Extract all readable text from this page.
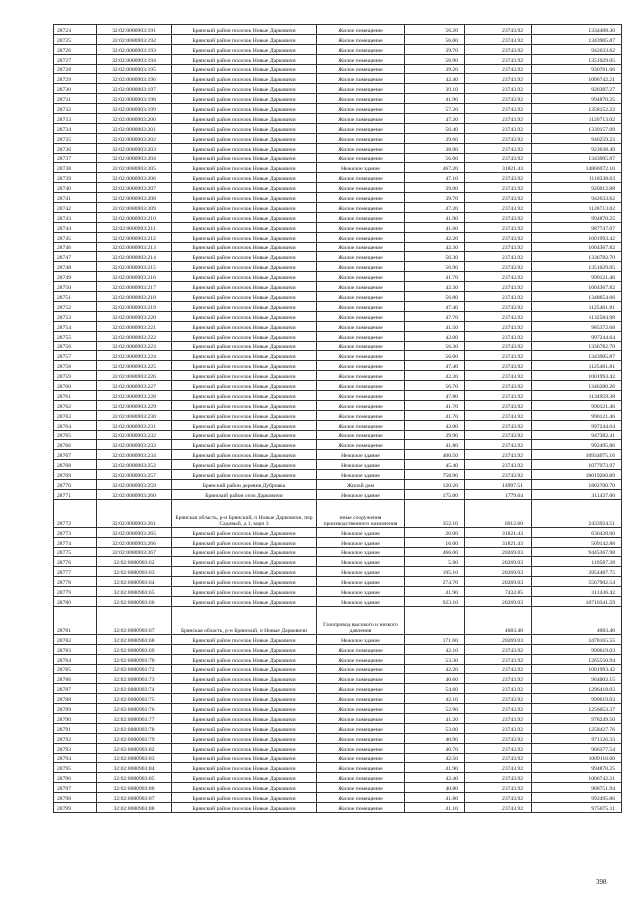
28724	32:02:0080903:191	Брянский район поселок Новые Дарковичи	Жилое помещение	56.20	23743.92	1334408.30
28725	32:02:0080903:192	Брянский район поселок Новые Дарковичи	Жилое помещение	56.60	23743.92	1343905.87
28726	32:02:0080903:193	Брянский район поселок Новые Дарковичи	Жилое помещение	39.70	23743.92	942633.62
28727	32:02:0080903:194	Брянский район поселок Новые Дарковичи	Жилое помещение	56.90	23743.92	1351029.05
28728	32:02:0080903:195	Брянский район поселок Новые Дарковичи	Жилое помещение	39.20	23743.92	930761.66
28729	32:02:0080903:196	Брянский район поселок Новые Дарковичи	Жилое помещение	42.40	23743.92	1006742.21
28730	32:02:0080903:197	Брянский район поселок Новые Дарковичи	Жилое помещение	39.10	23743.92	928387.27
28731	32:02:0080903:198	Брянский район поселок Новые Дарковичи	Жилое помещение	41.90	23743.92	994870.25
28732	32:02:0080903:199	Брянский район поселок Новые Дарковичи	Жилое помещение	57.20	23743.92	1358152.22
28733	32:02:0080903:200	Брянский район поселок Новые Дарковичи	Жилое помещение	47.20	23743.92	1120713.02
28734	32:02:0080903:201	Брянский район поселок Новые Дарковичи	Жилое помещение	56.40	23743.92	1339157.09
28735	32:02:0080903:202	Брянский район поселок Новые Дарковичи	Жилое помещение	39.60	23743.92	940259.23
28736	32:02:0080903:203	Брянский район поселок Новые Дарковичи	Жилое помещение	38.90	23743.92	923638.49
28737	32:02:0080903:204	Брянский район поселок Новые Дарковичи	Жилое помещение	56.60	23743.92	1343905.87
28738	32:02:0080903:205	Брянский район поселок Новые Дарковичи	Нежилое здание	467.20	31821.43	14866972.10
28739	32:02:0080903:206	Брянский район поселок Новые Дарковичи	Жилое помещение	47.10	23743.92	1118338.63
28740	32:02:0080903:207	Брянский район поселок Новые Дарковичи	Жилое помещение	39.00	23743.92	926012.88
28741	32:02:0080903:208	Брянский район поселок Новые Дарковичи	Жилое помещение	39.70	23743.92	942633.62
28742	32:02:0080903:209	Брянский район поселок Новые Дарковичи	Жилое помещение	47.20	23743.92	1120713.02
28743	32:02:0080903:210	Брянский район поселок Новые Дарковичи	Жилое помещение	41.90	23743.92	994870.25
28744	32:02:0080903:211	Брянский район поселок Новые Дарковичи	Жилое помещение	41.60	23743.92	987747.07
28745	32:02:0080903:212	Брянский район поселок Новые Дарковичи	Жилое помещение	42.20	23743.92	1001993.42
28746	32:02:0080903:213	Брянский район поселок Новые Дарковичи	Жилое помещение	42.30	23743.92	1004367.82
28747	32:02:0080903:214	Брянский район поселок Новые Дарковичи	Жилое помещение	56.30	23743.92	1336782.70
28748	32:02:0080903:215	Брянский район поселок Новые Дарковичи	Жилое помещение	56.90	23743.92	1351029.05
28749	32:02:0080903:216	Брянский район поселок Новые Дарковичи	Жилое помещение	41.70	23743.92	990121.46
28750	32:02:0080903:217	Брянский район поселок Новые Дарковичи	Жилое помещение	42.30	23743.92	1004367.82
28751	32:02:0080903:218	Брянский район поселок Новые Дарковичи	Жилое помещение	56.80	23743.92	1348654.66
28752	32:02:0080903:219	Брянский район поселок Новые Дарковичи	Жилое помещение	47.40	23743.92	1125461.81
28753	32:02:0080903:220	Брянский район поселок Новые Дарковичи	Жилое помещение	47.70	23743.92	1132584.98
28754	32:02:0080903:221	Брянский район поселок Новые Дарковичи	Жилое помещение	41.50	23743.92	985372.68
28755	32:02:0080903:222	Брянский район поселок Новые Дарковичи	Жилое помещение	42.00	23743.92	997244.64
28756	32:02:0080903:223	Брянский район поселок Новые Дарковичи	Жилое помещение	56.30	23743.92	1336782.70
28757	32:02:0080903:224	Брянский район поселок Новые Дарковичи	Жилое помещение	56.60	23743.92	1343905.87
28758	32:02:0080903:225	Брянский район поселок Новые Дарковичи	Жилое помещение	47.40	23743.92	1125461.81
28759	32:02:0080903:226	Брянский район поселок Новые Дарковичи	Жилое помещение	42.20	23743.92	1001993.42
28760	32:02:0080903:227	Брянский район поселок Новые Дарковичи	Жилое помещение	56.70	23743.92	1346280.26
28761	32:02:0080903:228	Брянский район поселок Новые Дарковичи	Жилое помещение	47.80	23743.92	1134959.38
28762	32:02:0080903:229	Брянский район поселок Новые Дарковичи	Жилое помещение	41.70	23743.92	990121.46
28763	32:02:0080903:230	Брянский район поселок Новые Дарковичи	Жилое помещение	41.70	23743.92	990121.46
28764	32:02:0080903:231	Брянский район поселок Новые Дарковичи	Жилое помещение	42.00	23743.92	997244.64
28765	32:02:0080903:232	Брянский район поселок Новые Дарковичи	Жилое помещение	39.90	23743.92	947382.41
28766	32:02:0080903:233	Брянский район поселок Новые Дарковичи	Жилое помещение	41.80	23743.92	992495.86
28767	32:02:0080903:234	Брянский район поселок Новые Дарковичи	Нежилое здание	460.50	23743.92	10934075.16
28768	32:02:0080903:252	Брянский район поселок Новые Дарковичи	Нежилое здание	45.40	23743.92	1077973.97
28769	32:02:0080903:257	Брянский район поселок Новые Дарковичи	Нежилое здание	758.90	23743.92	18019260.89
28770	32:02:0080903:259	Брянский район деревня Дубровка	Жилой дом	120.20	14997.51	1802700.70
28771	32:02:0080903:260	Брянский район село Дарковичи	Нежилое здание	175.00	1779.64	311437.00
28772	32:02:0080903:261	Брянская область, р-н Брянский, п Новые Дарковичи, пер Садовый, д 1, корп 3	иные сооружения производственного назначения	352.10	6912.60	2433924.51
28773	32:02:0080903:265	Брянский район поселок Новые Дарковичи	Нежилое здание	20.00	31821.43	636428.60
28774	32:02:0080903:266	Брянский район поселок Новые Дарковичи	Нежилое здание	16.00	31821.43	509142.88
28775	32:02:0080903:267	Брянский район поселок Новые Дарковичи	Нежилое здание	466.00	20269.03	9445367.98
28776	32:02:0080903:62	Брянский район поселок Новые Дарковичи	Нежилое здание	5.90	20269.03	119587.28
28777	32:02:0080903:63	Брянский район поселок Новые Дарковичи	Нежилое здание	195.10	20269.03	3954487.75
28778	32:02:0080903:64	Брянский район поселок Новые Дарковичи	Нежилое здание	274.70	20269.03	5567902.54
28779	32:02:0080903:65	Брянский район поселок Новые Дарковичи	Нежилое здание	41.90	7432.85	311436.42
28780	32:02:0080903:66	Брянский район поселок Новые Дарковичи	Нежилое здание	923.10	20269.03	18710341.59
28781	32:02:0080903:67	Брянская область, р-н Брянский, п Новые Дарковичи	Газопровод высокого и низкого давления		4083.40	4083.40
28782	32:02:0080903:68	Брянский район поселок Новые Дарковичи	Нежилое здание	171.60	20269.03	3478165.55
28783	32:02:0080903:69	Брянский район поселок Новые Дарковичи	Жилое помещение	42.10	23743.92	999619.03
28784	32:02:0080903:70	Брянский район поселок Новые Дарковичи	Жилое помещение	53.30	23743.92	1265550.94
28785	32:02:0080903:72	Брянский район поселок Новые Дарковичи	Жилое помещение	42.20	23743.92	1001993.42
28786	32:02:0080903:73	Брянский район поселок Новые Дарковичи	Жилое помещение	40.60	23743.92	964003.15
28787	32:02:0080903:74	Брянский район поселок Новые Дарковичи	Жилое помещение	54.60	23743.92	1296418.03
28788	32:02:0080903:75	Брянский район поселок Новые Дарковичи	Жилое помещение	42.10	23743.92	999619.03
28789	32:02:0080903:76	Брянский район поселок Новые Дарковичи	Жилое помещение	52.90	23743.92	1256053.37
28790	32:02:0080903:77	Брянский район поселок Новые Дарковичи	Жилое помещение	41.20	23743.92	978249.50
28791	32:02:0080903:78	Брянский район поселок Новые Дарковичи	Жилое помещение	53.00	23743.92	1258427.76
28792	32:02:0080903:79	Брянский район поселок Новые Дарковичи	Жилое помещение	40.90	23743.92	971126.33
28793	32:02:0080903:82	Брянский район поселок Новые Дарковичи	Жилое помещение	40.70	23743.92	966377.54
28794	32:02:0080903:83	Брянский район поселок Новые Дарковичи	Жилое помещение	42.50	23743.92	1009116.60
28795	32:02:0080903:84	Брянский район поселок Новые Дарковичи	Жилое помещение	41.90	23743.92	994870.25
28796	32:02:0080903:85	Брянский район поселок Новые Дарковичи	Жилое помещение	42.40	23743.92	1006742.21
28797	32:02:0080903:86	Брянский район поселок Новые Дарковичи	Жилое помещение	40.80	23743.92	968751.94
28798	32:02:0080903:87	Брянский район поселок Новые Дарковичи	Жилое помещение	41.80	23743.92	992495.86
28799	32:02:0080903:88	Брянский район поселок Новые Дарковичи	Жилое помещение	41.10	23743.92	975875.11
398
